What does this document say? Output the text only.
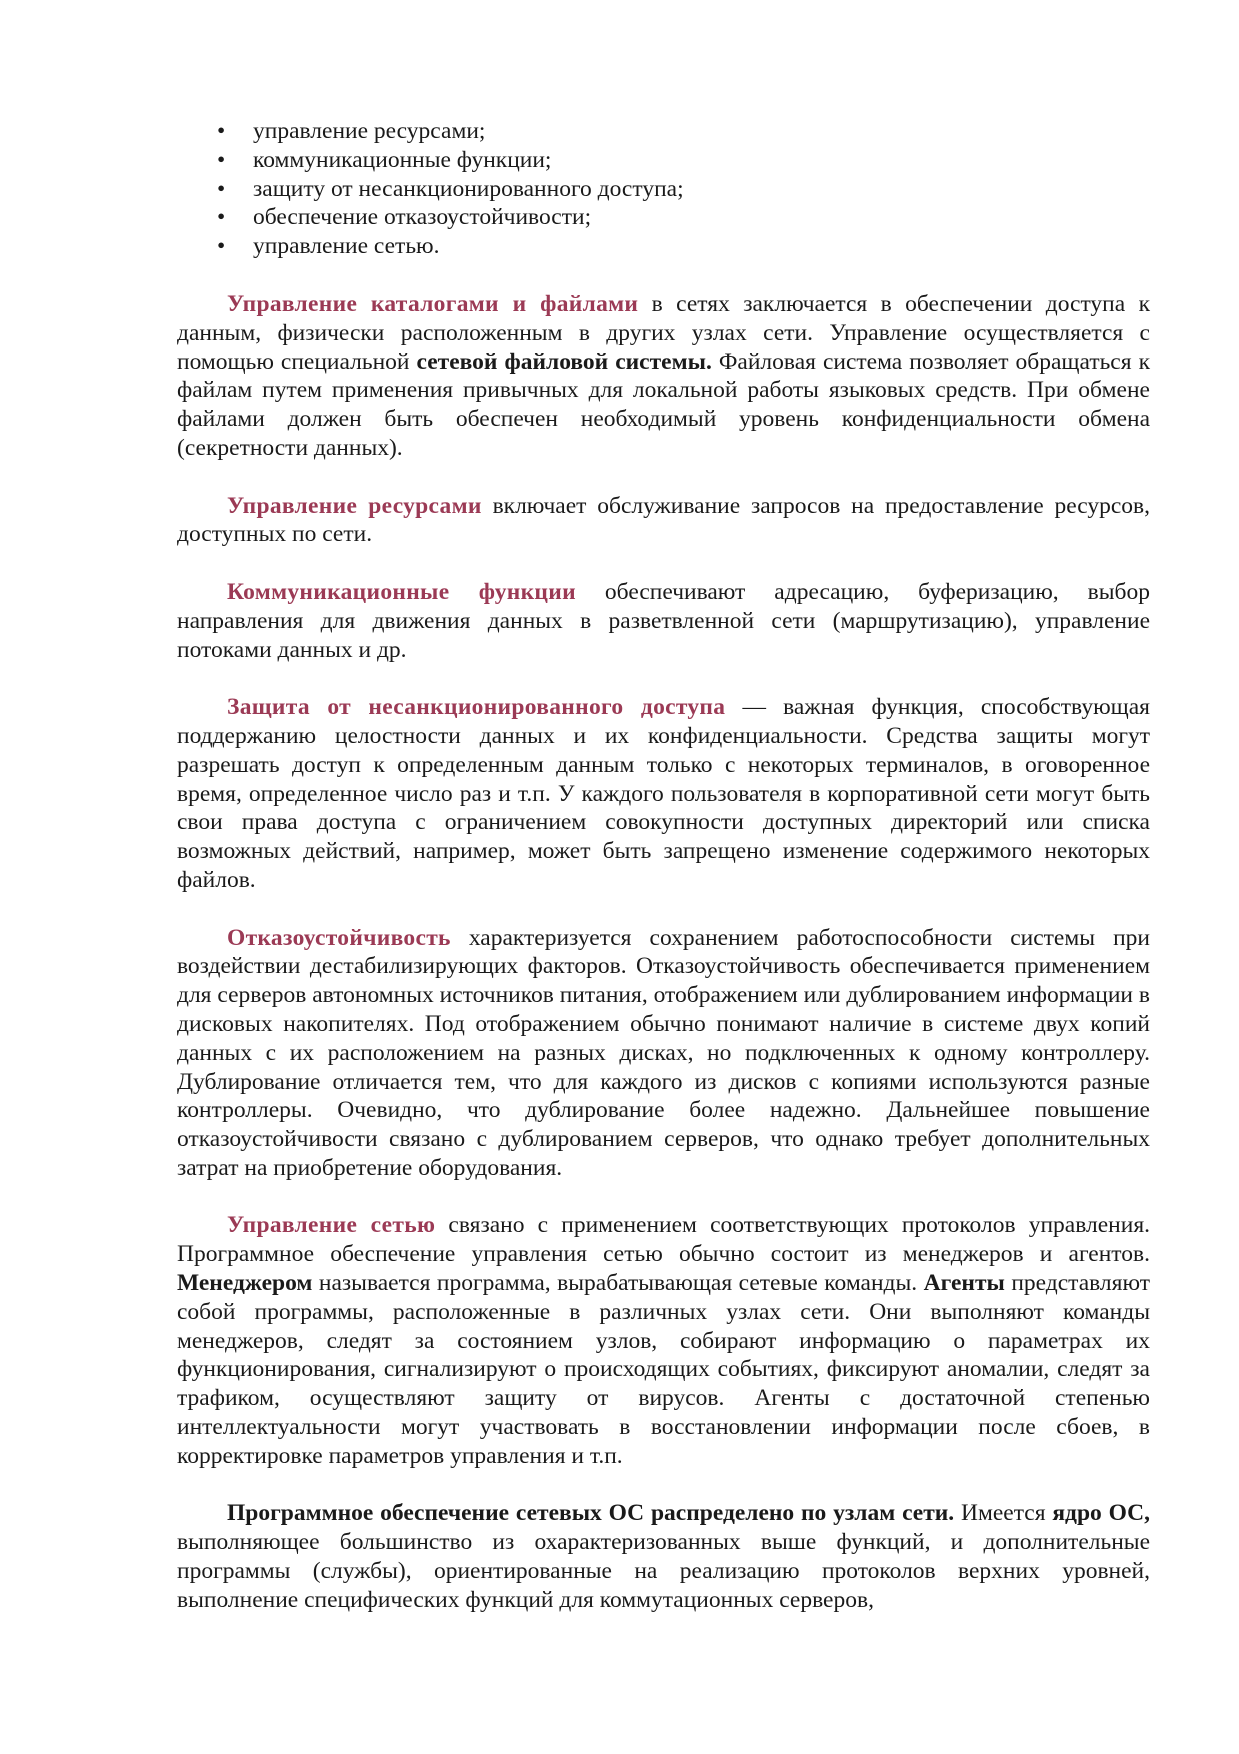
• управление ресурсами;
• коммуникационные функции;
• защиту от несанкционированного доступа;
• обеспечение отказоустойчивости;
• управление сетью.

Управление каталогами и файлами в сетях заключается в обеспечении доступа к данным, физически расположенным в других узлах сети. Управление осуществляется с помощью специальной сетевой файловой системы. Файловая система позволяет обращаться к файлам путем применения привычных для локальной работы языковых средств. При обмене файлами должен быть обеспечен необходимый уровень конфиденциальности обмена (секретности данных).

Управление ресурсами включает обслуживание запросов на предоставление ресурсов, доступных по сети.

Коммуникационные функции обеспечивают адресацию, буферизацию, выбор направления для движения данных в разветвленной сети (маршрутизацию), управление потоками данных и др.

Защита от несанкционированного доступа — важная функция, способствующая поддержанию целостности данных и их конфиденциальности. Средства защиты могут разрешать доступ к определенным данным только с некоторых терминалов, в оговоренное время, определенное число раз и т.п. У каждого пользователя в корпоративной сети могут быть свои права доступа с ограничением совокупности доступных директорий или списка возможных действий, например, может быть запрещено изменение содержимого некоторых файлов.

Отказоустойчивость характеризуется сохранением работоспособности системы при воздействии дестабилизирующих факторов. Отказоустойчивость обеспечивается применением для серверов автономных источников питания, отображением или дублированием информации в дисковых накопителях. Под отображением обычно понимают наличие в системе двух копий данных с их расположением на разных дисках, но подключенных к одному контроллеру. Дублирование отличается тем, что для каждого из дисков с копиями используются разные контроллеры. Очевидно, что дублирование более надежно. Дальнейшее повышение отказоустойчивости связано с дублированием серверов, что однако требует дополнительных затрат на приобретение оборудования.

Управление сетью связано с применением соответствующих протоколов управления. Программное обеспечение управления сетью обычно состоит из менеджеров и агентов. Менеджером называется программа, вырабатывающая сетевые команды. Агенты представляют собой программы, расположенные в различных узлах сети. Они выполняют команды менеджеров, следят за состоянием узлов, собирают информацию о параметрах их функционирования, сигнализируют о происходящих событиях, фиксируют аномалии, следят за трафиком, осуществляют защиту от вирусов. Агенты с достаточной степенью интеллектуальности могут участвовать в восстановлении информации после сбоев, в корректировке параметров управления и т.п.

Программное обеспечение сетевых ОС распределено по узлам сети. Имеется ядро ОС, выполняющее большинство из охарактеризованных выше функций, и дополнительные программы (службы), ориентированные на реализацию протоколов верхних уровней, выполнение специфических функций для коммутационных серверов,
